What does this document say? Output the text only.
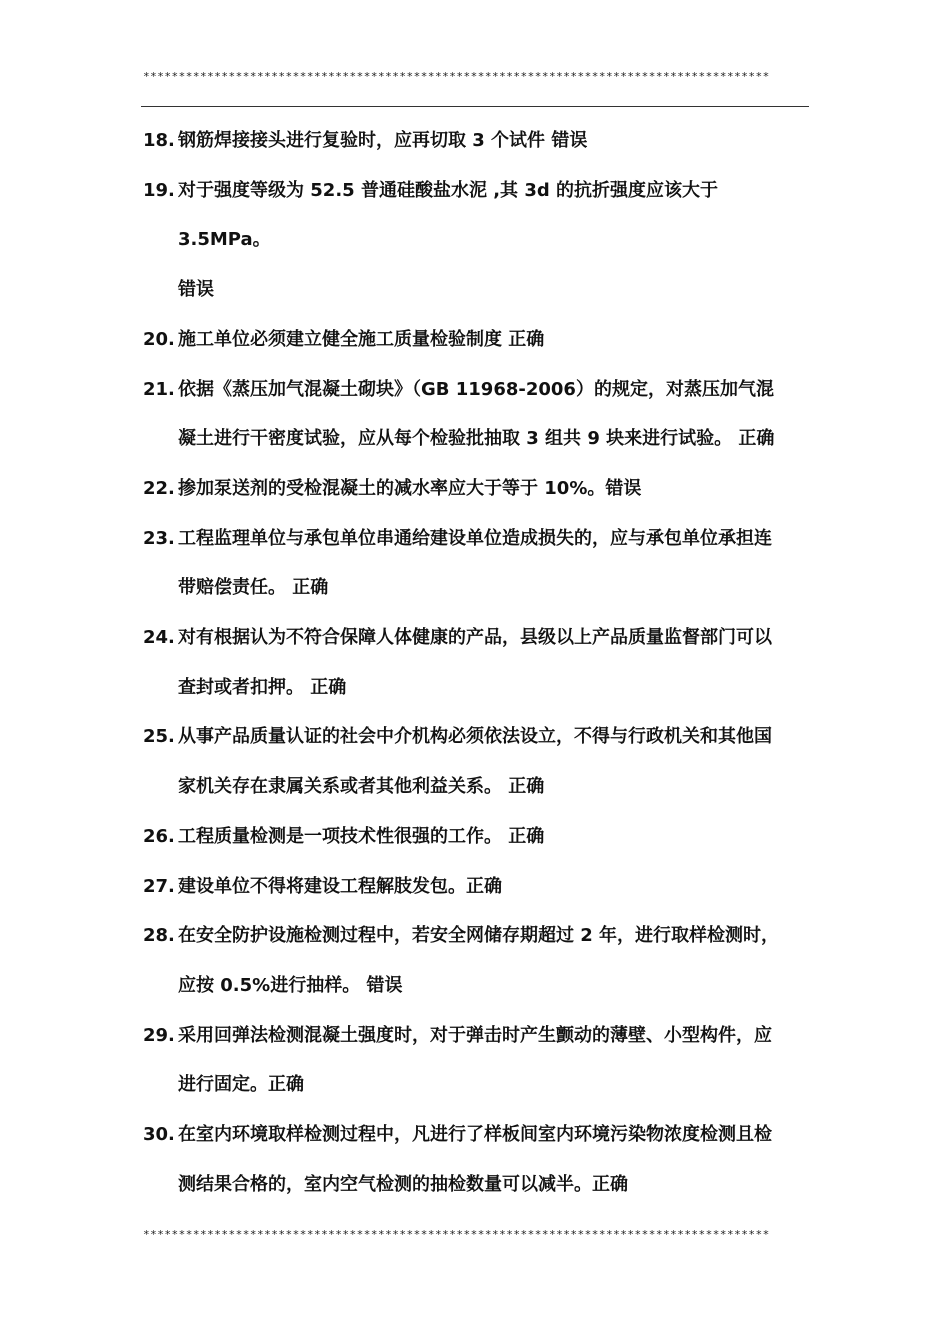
****************************************************************************************
18. 钢筋焊接接头进行复验时，应再切取 3 个试件 错误
19. 对于强度等级为 52.5 普通硅酸盐水泥 ,其 3d 的抗折强度应该大于 3.5MPa。
错误
20. 施工单位必须建立健全施工质量检验制度 正确
21. 依据《蒸压加气混凝土砌块》（GB 11968-2006）的规定，对蒸压加气混
凝土进行干密度试验，应从每个检验批抽取 3 组共 9 块来进行试验。 正确
22. 掺加泵送剂的受检混凝土的减水率应大于等于 10%。错误
23. 工程监理单位与承包单位串通给建设单位造成损失的，应与承包单位承担连
带赔偿责任。 正确
24. 对有根据认为不符合保障人体健康的产品，县级以上产品质量监督部门可以
查封或者扣押。 正确
25. 从事产品质量认证的社会中介机构必须依法设立，不得与行政机关和其他国
家机关存在隶属关系或者其他利益关系。 正确
26. 工程质量检测是一项技术性很强的工作。 正确
27. 建设单位不得将建设工程解肢发包。正确
28. 在安全防护设施检测过程中，若安全网储存期超过 2 年，进行取样检测时，
应按 0.5%进行抽样。 错误
29. 采用回弹法检测混凝土强度时，对于弹击时产生颤动的薄壁、小型构件，应
进行固定。正确
30. 在室内环境取样检测过程中，凡进行了样板间室内环境污染物浓度检测且检
测结果合格的，室内空气检测的抽检数量可以减半。正确
****************************************************************************************
